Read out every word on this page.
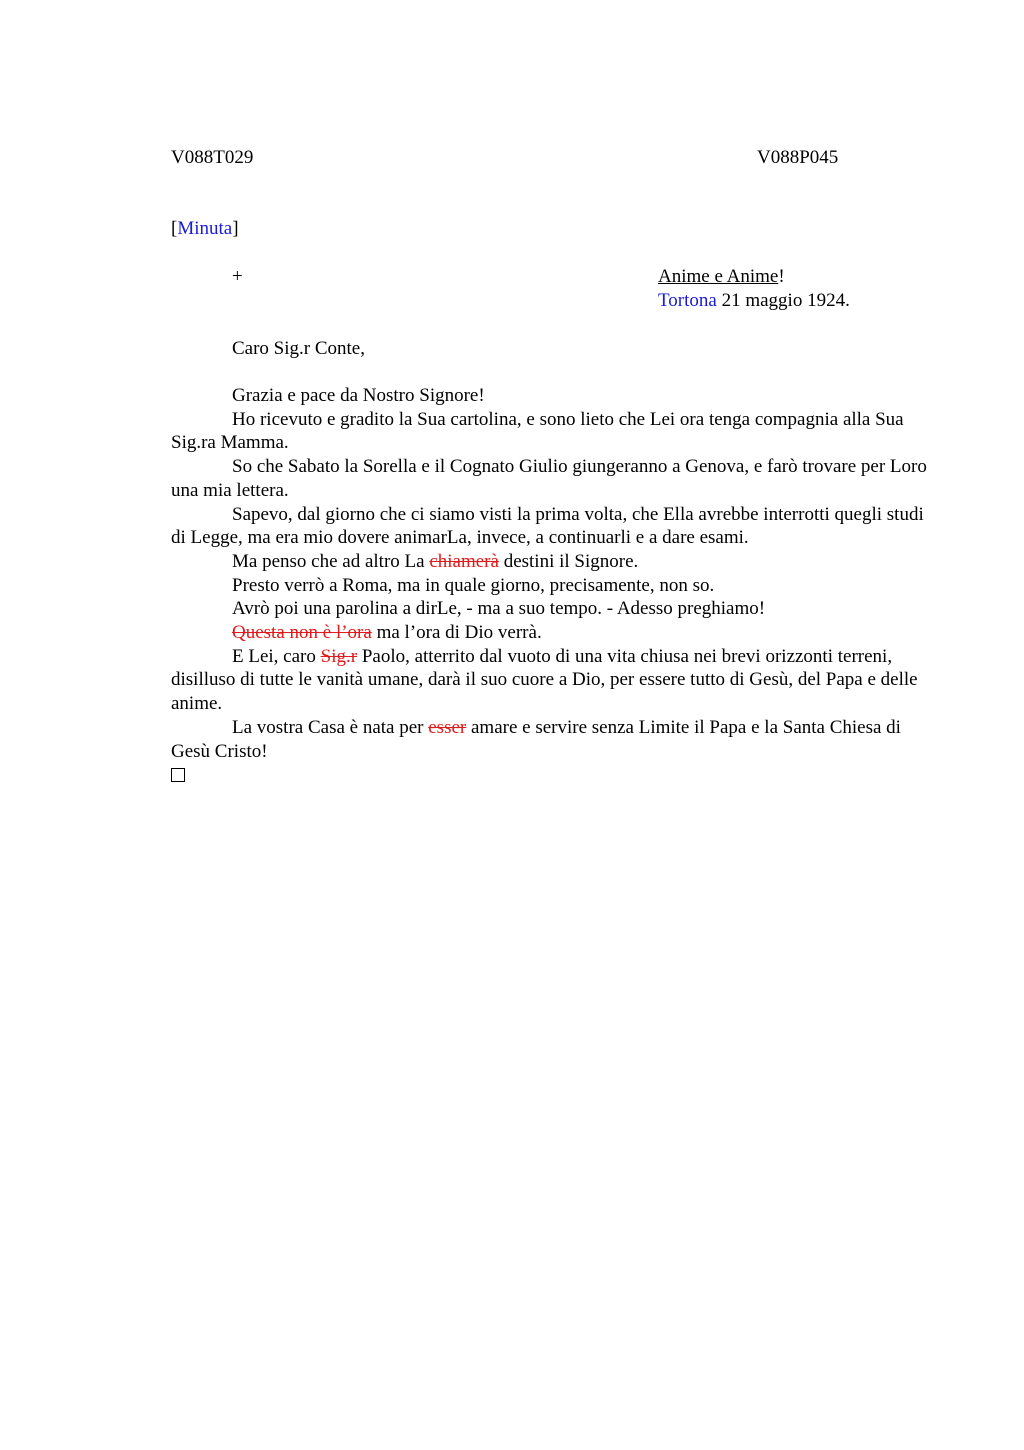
V088T029	V088P045
[Minuta]
+	Anime e Anime!
Tortona 21 maggio 1924.
Caro Sig.r Conte,

Grazia e pace da Nostro Signore!

Ho ricevuto e gradito la Sua cartolina, e sono lieto che Lei ora tenga compagnia alla Sua Sig.ra Mamma.

So che Sabato la Sorella e il Cognato Giulio giungeranno a Genova, e farò trovare per Loro una mia lettera.

Sapevo, dal giorno che ci siamo visti la prima volta, che Ella avrebbe interrotti quegli studi di Legge, ma era mio dovere animarLa, invece, a continuarli e a dare esami.

Ma penso che ad altro La chiamerà destini il Signore.

Presto verrò a Roma, ma in quale giorno, precisamente, non so.

Avrò poi una parolina a dirLe, - ma a suo tempo. - Adesso preghiamo!

Questa non è l’ora ma l’ora di Dio verrà.

E Lei, caro Sig.r Paolo, atterrito dal vuoto di una vita chiusa nei brevi orizzonti terreni, disilluso di tutte le vanità umane, darà il suo cuore a Dio, per essere tutto di Gesù, del Papa e delle anime.

La vostra Casa è nata per esser amare e servire senza Limite il Papa e la Santa Chiesa di Gesù Cristo!
